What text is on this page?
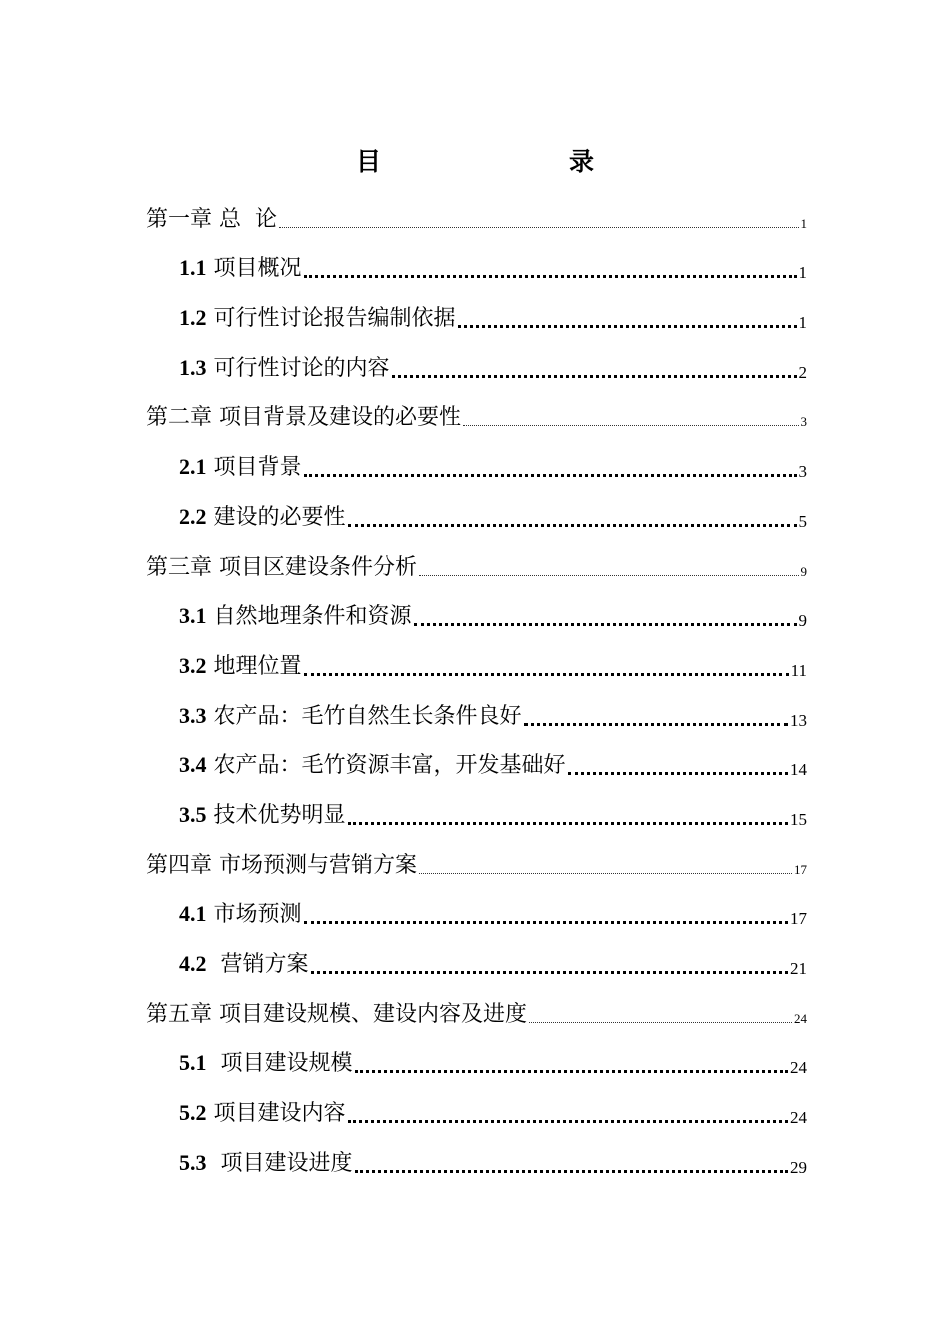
目　　录
第一章 总  论	1
1.1 项目概况	1
1.2 可行性讨论报告编制依据	1
1.3 可行性讨论的内容	2
第二章 项目背景及建设的必要性	3
2.1 项目背景	3
2.2 建设的必要性	5
第三章 项目区建设条件分析	9
3.1 自然地理条件和资源	9
3.2 地理位置	11
3.3 农产品：毛竹自然生长条件良好	13
3.4 农产品：毛竹资源丰富，开发基础好	14
3.5 技术优势明显	15
第四章 市场预测与营销方案	17
4.1 市场预测	17
4.2  营销方案	21
第五章 项目建设规模、建设内容及进度	24
5.1  项目建设规模	24
5.2 项目建设内容	24
5.3  项目建设进度	29
